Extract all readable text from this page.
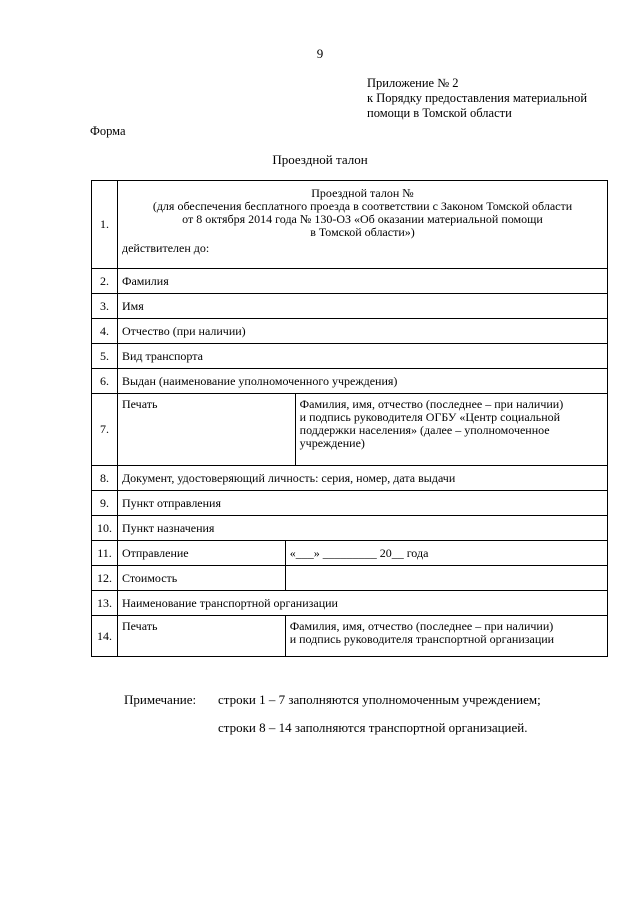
9
Приложение № 2
к Порядку предоставления материальной
помощи в Томской области
Форма
Проездной талон
1.	Проездной талон №
(для обеспечения бесплатного проезда в соответствии с Законом Томской области
от 8 октября 2014 года № 130-ОЗ «Об оказании материальной помощи
в Томской области»)
действителен до:		

2.	Фамилия		
3.	Имя		
4.	Отчество (при наличии)		
5.	Вид транспорта		
6.	Выдан (наименование уполномоченного учреждения)		
7.	Печать		Фамилия, имя, отчество (последнее – при наличии)
и подпись руководителя ОГБУ «Центр социальной
поддержки населения» (далее – уполномоченное
учреждение)

8.	Документ, удостоверяющий личность: серия, номер, дата выдачи		
9.	Пункт отправления		
10.	Пункт назначения		
11.	Отправление	«___» _________ 20__ года	
12.	Стоимость		
13.	Наименование транспортной организации		
14.	Печать	Фамилия, имя, отчество (последнее – при наличии)
и подпись руководителя транспортной организации	
Примечание: строки 1 – 7 заполняются уполномоченным учреждением;
строки 8 – 14 заполняются транспортной организацией.
